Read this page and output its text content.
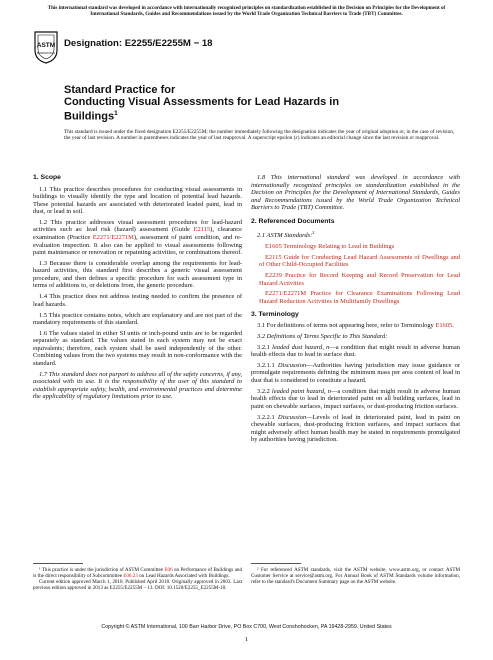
This international standard was developed in accordance with internationally recognized principles on standardization established in the Decision on Principles for the Development of International Standards, Guides and Recommendations issued by the World Trade Organization Technical Barriers to Trade (TBT) Committee.
ASTM
INTERNATIONAL
Designation: E2255/E2255M − 18
Standard Practice for
Conducting Visual Assessments for Lead Hazards in
Buildings$^1$
This standard is issued under the fixed designation E2255/E2255M; the number immediately following the designation indicates the year of original adoption or, in the case of revision, the year of last revision. A number in parentheses indicates the year of last reapproval. A superscript epsilon (ε) indicates an editorial change since the last revision or reapproval.
1. Scope

1.1 This practice describes procedures for conducting visual assessments in buildings to visually identify the type and location of potential lead hazards. These potential hazards are associated with deteriorated leaded paint, lead in dust, or lead in soil.

1.2 This practice addresses visual assessment procedures for lead-hazard activities such as: lead risk (hazard) assessment (Guide E2115), clearance examination (Practice E2271/E2271M), assessment of paint condition, and re-evaluation inspection. It also can be applied to visual assessments following paint maintenance or renovation or repainting activities, or combinations thereof.

1.3 Because there is considerable overlap among the requirements for lead-hazard activities, this standard first describes a generic visual assessment procedure, and then defines a specific procedure for each assessment type in terms of additions to, or deletions from, the generic procedure.

1.4 This practice does not address testing needed to confirm the presence of lead hazards.

1.5 This practice contains notes, which are explanatory and are not part of the mandatory requirements of this standard.

1.6 The values stated in either SI units or inch-pound units are to be regarded separately as standard. The values stated in each system may not be exact equivalents; therefore, each system shall be used independently of the other. Combining values from the two systems may result in non-conformance with the standard.

1.7 This standard does not purport to address all of the safety concerns, if any, associated with its use. It is the responsibility of the user of this standard to establish appropriate safety, health, and environmental practices and determine the applicability of regulatory limitations prior to use.

1.8 This international standard was developed in accordance with internationally recognized principles on standardization established in the Decision on Principles for the Development of International Standards, Guides and Recommendations issued by the World Trade Organization Technical Barriers to Trade (TBT) Committee.

2. Referenced Documents

2.1 ASTM Standards:$^2$

E1605 Terminology Relating to Lead in Buildings

E2115 Guide for Conducting Lead Hazard Assessments of Dwellings and of Other Child-Occupied Facilities

E2239 Practice for Record Keeping and Record Preservation for Lead Hazard Activities

E2271/E2271M Practice for Clearance Examinations Following Lead Hazard Reduction Activities in Multifamily Dwellings

3. Terminology

3.1 For definitions of terms not appearing here, refer to Terminology E1605.

3.2 Definitions of Terms Specific to This Standard:

3.2.1 leaded dust hazard, n—a condition that might result in adverse human health effects due to lead in surface dust.

3.2.1.1 Discussion—Authorities having jurisdiction may issue guidance or promulgate requirements defining the minimum mass per area content of lead in dust that is considered to constitute a hazard.

3.2.2 leaded paint hazard, n—a condition that might result in adverse human health effects due to lead in deteriorated paint on all building surfaces, lead in paint on chewable surfaces, impact surfaces, or dust-producing friction surfaces.

3.2.2.1 Discussion—Levels of lead in deteriorated paint, lead in paint on chewable surfaces, dust-producing friction surfaces, and impact surfaces that might adversely affect human health may be stated in requirements promulgated by authorities having jurisdiction.

¹ This practice is under the jurisdiction of ASTM Committee E06 on Performance of Buildings and is the direct responsibility of Subcommittee E06.23 on Lead Hazards Associated with Buildings.
Current edition approved March 1, 2018. Published April 2018. Originally approved in 2003. Last previous edition approved in 2013 as E2255/E2255M – 13. DOI: 10.1520/E2255_E2255M-18.
² For referenced ASTM standards, visit the ASTM website, www.astm.org, or contact ASTM Customer Service at service@astm.org. For Annual Book of ASTM Standards volume information, refer to the standard's Document Summary page on the ASTM website.
Copyright © ASTM International, 100 Barr Harbor Drive, PO Box C700, West Conshohocken, PA 19428-2959. United States
1
